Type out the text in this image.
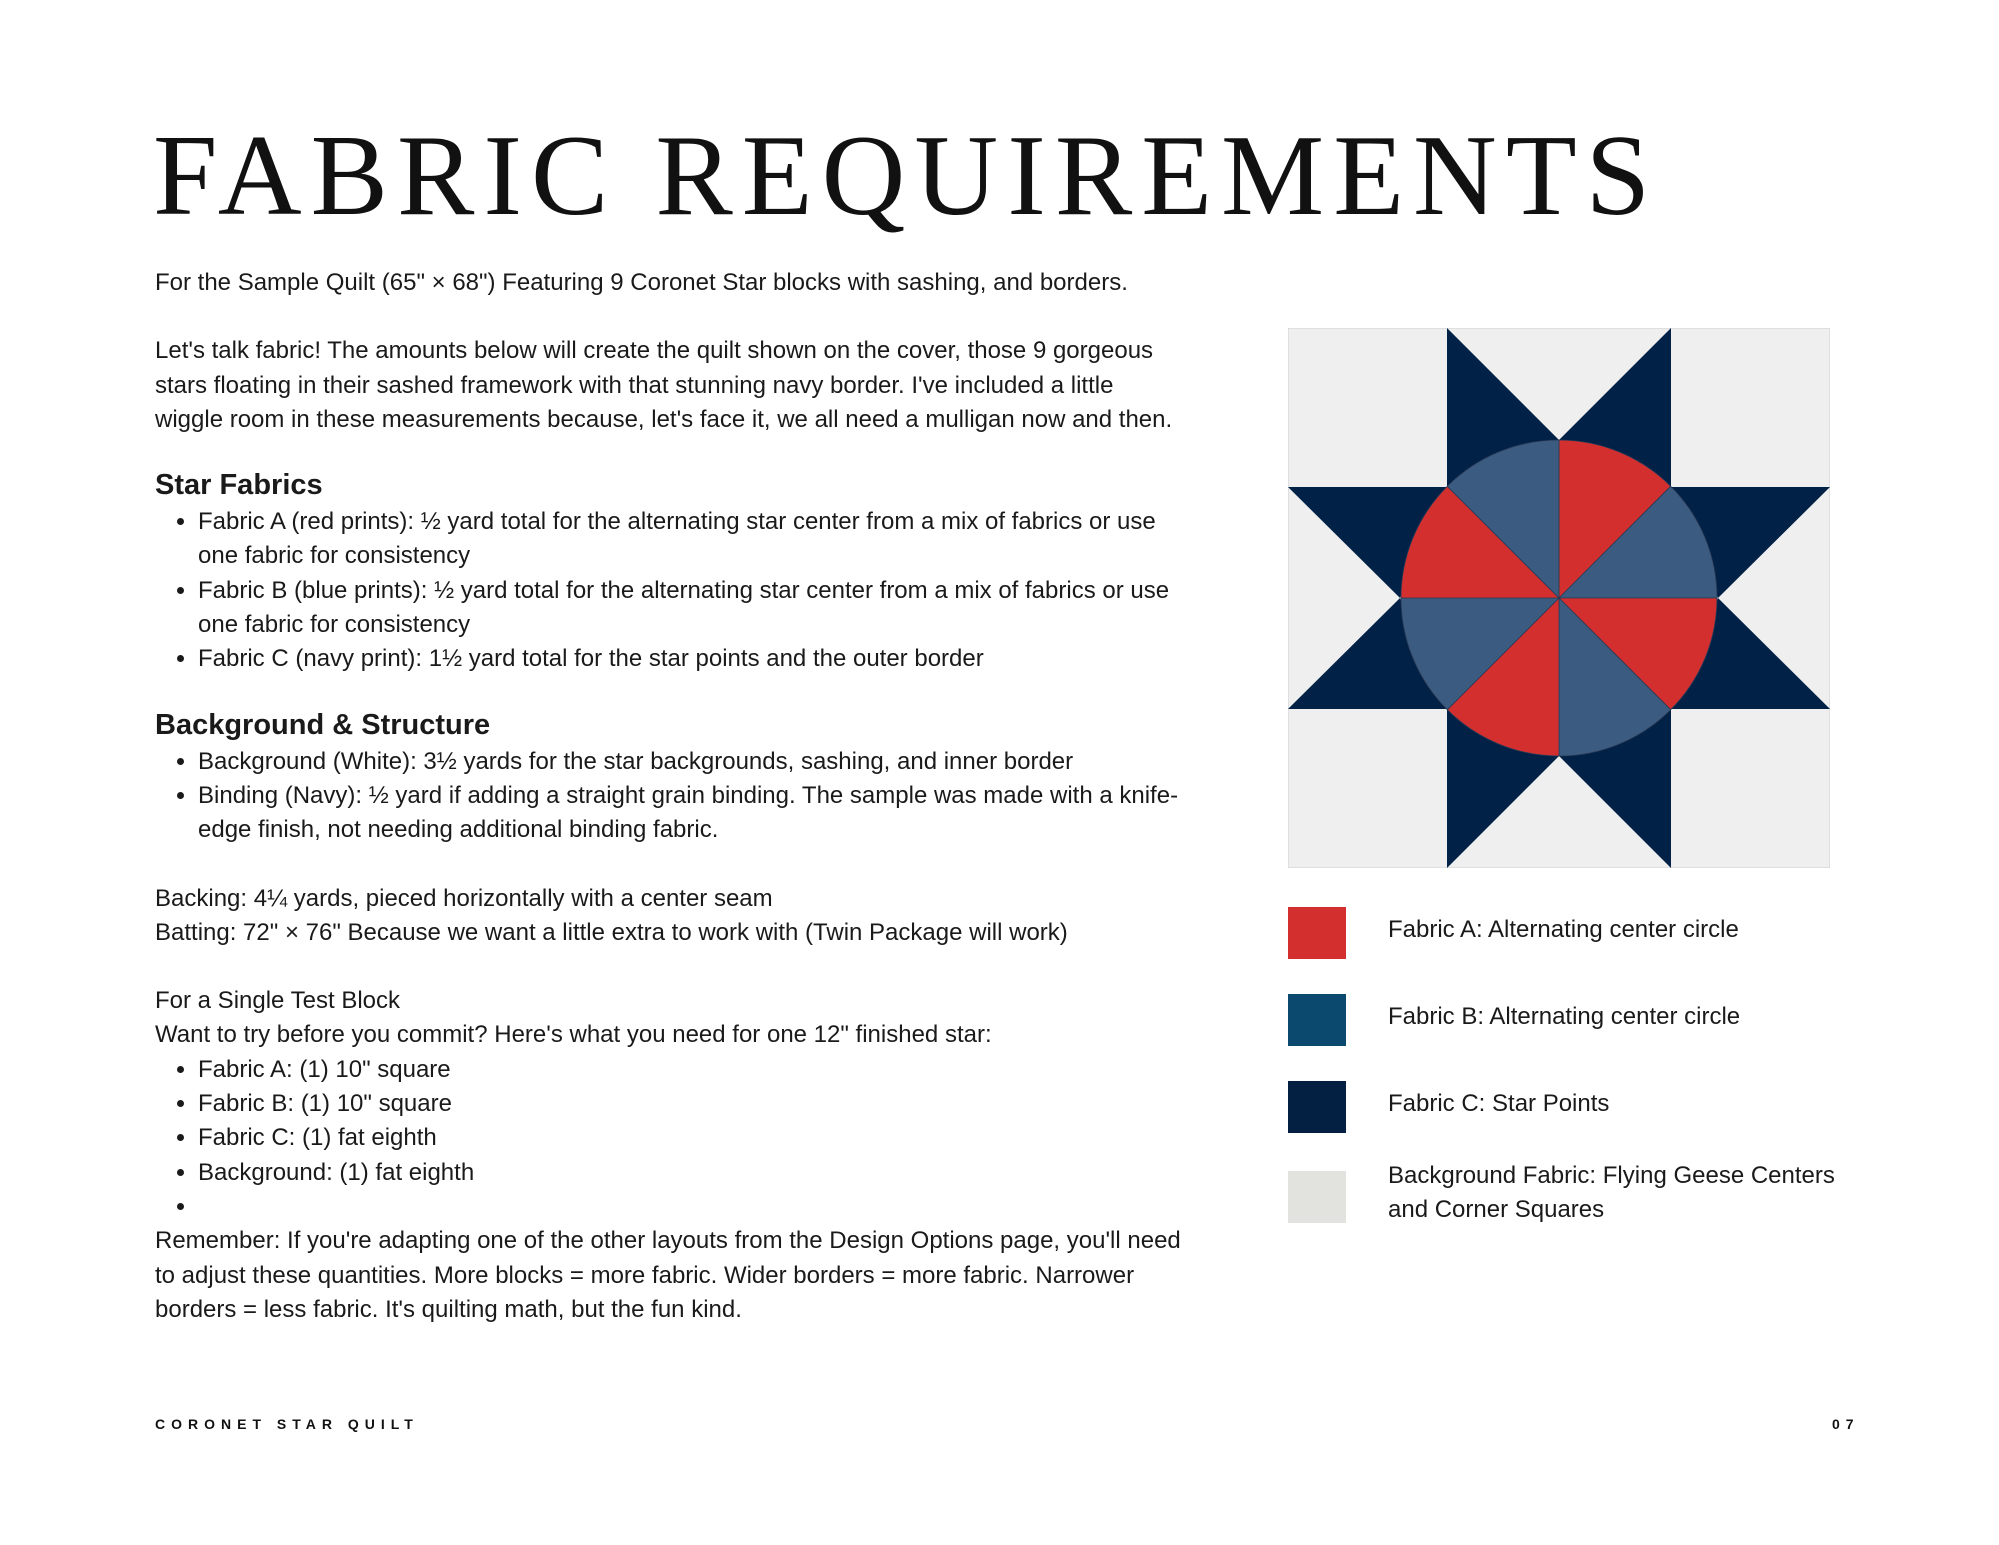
FABRIC REQUIREMENTS

For the Sample Quilt (65" × 68") Featuring 9 Coronet Star blocks with sashing, and borders.

Let's talk fabric! The amounts below will create the quilt shown on the cover, those 9 gorgeous stars floating in their sashed framework with that stunning navy border. I've included a little wiggle room in these measurements because, let's face it, we all need a mulligan now and then.

Star Fabrics
• Fabric A (red prints): ½ yard total for the alternating star center from a mix of fabrics or use one fabric for consistency
• Fabric B (blue prints): ½ yard total for the alternating star center from a mix of fabrics or use one fabric for consistency
• Fabric C (navy print): 1½ yard total for the star points and the outer border
Background & Structure
• Background (White): 3½ yards for the star backgrounds, sashing, and inner border
• Binding (Navy): ½ yard if adding a straight grain binding. The sample was made with a knife-edge finish, not needing additional binding fabric.

Backing: 4¼ yards, pieced horizontally with a center seam

Batting: 72" × 76" Because we want a little extra to work with (Twin Package will work)

For a Single Test Block

Want to try before you commit? Here's what you need for one 12" finished star:

• Fabric A: (1) 10" square
• Fabric B: (1) 10" square
• Fabric C: (1) fat eighth
• Background: (1) fat eighth
•

Remember: If you're adapting one of the other layouts from the Design Options page, you'll need to adjust these quantities. More blocks = more fabric. Wider borders = more fabric. Narrower borders = less fabric. It's quilting math, but the fun kind.

Fabric A: Alternating center circle
Fabric B: Alternating center circle
Fabric C: Star Points
Background Fabric: Flying Geese Centers and Corner Squares
CORONET STAR QUILT	07
